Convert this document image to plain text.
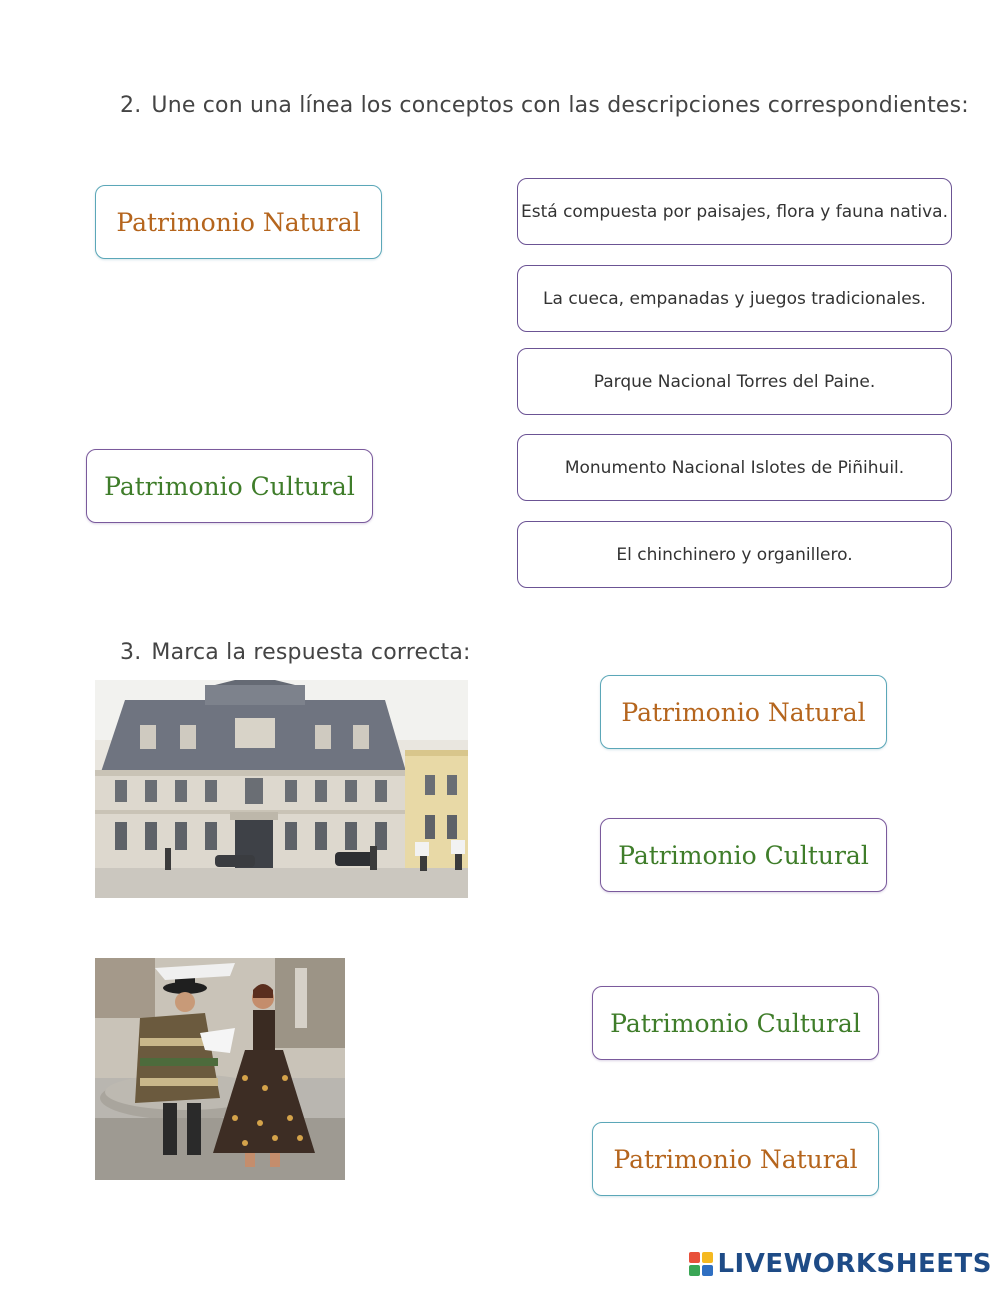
2. Une con una línea los conceptos con las descripciones correspondientes:
Patrimonio Natural
Patrimonio Cultural
Está compuesta por paisajes, flora y fauna nativa.
La cueca, empanadas y juegos tradicionales.
Parque Nacional Torres del Paine.
Monumento Nacional Islotes de Piñihuil.
El chinchinero y organillero.
3. Marca la respuesta correcta:
Patrimonio Natural
Patrimonio Cultural
Patrimonio Cultural
Patrimonio Natural
LIVEWORKSHEETS
